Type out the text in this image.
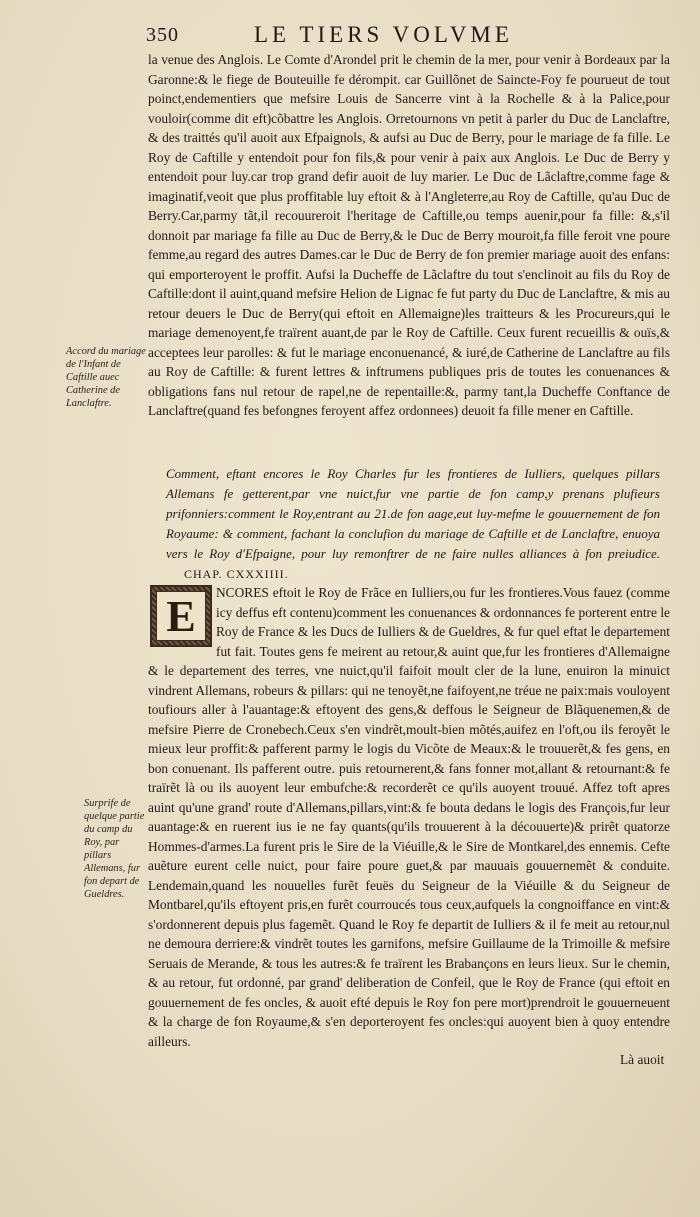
350	LE TIERS VOLVME

la venue des Anglois. Le Comte d'Arondel prit le chemin de la mer, pour venir à Bordeaux par la Garonne:& le fiege de Bouteuille fe dérompit. car Guillõnet de Saincte-Foy fe pourueut de tout poinct,endementiers que mefsire Louis de Sancerre vint à la Rochelle & à la Palice,pour vouloir(comme dit eft)cõbattre les Anglois. Orretournons vn petit à parler du Duc de Lanclaftre, & des traittés qu'il auoit aux Efpaignols, & aufsi au Duc de Berry, pour le mariage de fa fille. Le Roy de Caftille y entendoit pour fon fils,& pour venir à paix aux Anglois. Le Duc de Berry y entendoit pour luy.car trop grand defir auoit de luy marier. Le Duc de Lãclaftre,comme fage & imaginatif,veoit que plus proffitable luy eftoit & à l'Angleterre,au Roy de Caftille, qu'au Duc de Berry.Car,parmy tãt,il recouureroit l'heritage de Caftille,ou temps auenir,pour fa fille: &,s'il donnoit par mariage fa fille au Duc de Berry,& le Duc de Berry mouroit,fa fille feroit vne poure femme,au regard des autres Dames.car le Duc de Berry de fon premier mariage auoit des enfans: qui emporteroyent le proffit. Aufsi la Ducheffe de Lãclaftre du tout s'enclinoit au fils du Roy de Caftille:dont il auint,quand mefsire Helion de Lignac fe fut party du Duc de Lanclaftre, & mis au retour deuers le Duc de Berry(qui eftoit en Allemaigne)les traitteurs & les Procureurs,qui le mariage demenoyent,fe traïrent auant,de par le Roy de Caftille. Ceux furent recueillis & ouïs,& acceptees leur parolles: & fut le mariage enconuenancé, & iuré,de Catherine de Lanclaftre au fils au Roy de Caftille: & furent lettres & inftrumens publiques pris de toutes les conuenances & obligations fans nul retour de rapel,ne de repentaille:&, parmy tant,la Ducheffe Conftance de Lanclaftre(quand fes befongnes feroyent affez ordonnees) deuoit fa fille mener en Caftille.

Accord du mariage de l'Infant de Caftille auec Catherine de Lanclaftre.
Comment, eftant encores le Roy Charles fur les frontieres de Iulliers, quelques pillars Allemans fe getterent,par vne nuict,fur vne partie de fon camp,y prenans plufieurs prifonniers:comment le Roy,entrant au 21.de fon aage,eut luy-mefme le gouuernement de fon Royaume: & comment, fachant la conclufion du mariage de Caftille et de Lanclaftre, enuoya vers le Roy d'Efpaigne, pour luy remonftrer de ne faire nulles alliances à fon preiudice. CHAP. CXXXIIII.

NCORES eftoit le Roy de Frãce en Iulliers,ou fur les frontieres.Vous fauez (comme icy deffus eft contenu)comment les conuenances & ordonnances fe porterent entre le Roy de France & les Ducs de Iulliers & de Gueldres, & fur quel eftat le departement fut fait. Toutes gens fe meirent au retour,& auint que,fur les frontieres d'Allemaigne & le departement des terres, vne nuict,qu'il faifoit moult cler de la lune, enuiron la minuict vindrent Allemans, robeurs & pillars: qui ne tenoyẽt,ne faifoyent,ne tréue ne paix:mais vouloyent toufiours aller à l'auantage:& eftoyent des gens,& deffous le Seigneur de Blãquenemen,& de mefsire Pierre de Cronebech.Ceux s'en vindrẽt,moult-bien mõtés,auifez en l'oft,ou ils feroyẽt le mieux leur proffit:& pafferent parmy le logis du Vicõte de Meaux:& le trouuerẽt,& fes gens, en bon conuenant. Ils pafferent outre. puis retournerent,& fans fonner mot,allant & retournant:& fe traïrẽt là ou ils auoyent leur embufche:& recorderẽt ce qu'ils auoyent trouué. Affez toft apres auint qu'une grand' route d'Allemans,pillars,vint:& fe bouta dedans le logis des François,fur leur auantage:& en ruerent ius ie ne fay quants(qu'ils trouuerent à la découuerte)& prirẽt quatorze Hommes-d'armes.La furent pris le Sire de la Viéuille,& le Sire de Montkarel,des ennemis. Cefte auẽture eurent celle nuict, pour faire poure guet,& par mauuais gouuernemẽt & conduite. Lendemain,quand les nouuelles furẽt feuës du Seigneur de la Viéuille & du Seigneur de Montbarel,qu'ils eftoyent pris,en furẽt courroucés tous ceux,aufquels la congnoiffance en vint:& s'ordonnerent depuis plus fagemẽt. Quand le Roy fe departit de Iulliers & il fe meit au retour,nul ne demoura derriere:& vindrẽt toutes les garnifons, mefsire Guillaume de la Trimoille & mefsire Seruais de Merande, & tous les autres:& fe traïrent les Brabançons en leurs lieux. Sur le chemin, & au retour, fut ordonné, par grand' deliberation de Confeil, que le Roy de France (qui eftoit en gouuernement de fes oncles, & auoit efté depuis le Roy fon pere mort)prendroit le gouuerneuent & la charge de fon Royaume,& s'en deporteroyent fes oncles:qui auoyent bien à quoy entendre ailleurs.

E
Surprife de quelque partie du camp du Roy, par pillars Allemans, fur fon depart de Gueldres.
Là auoit
